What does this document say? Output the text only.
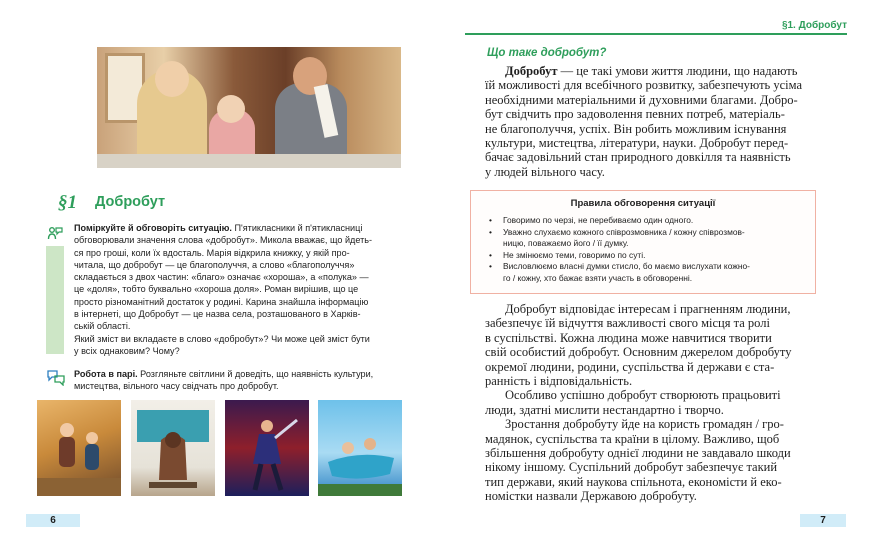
§1 Добробут

Поміркуйте й обговоріть ситуацію. П'ятикласники й п'ятикласниці

обговорювали значення слова «добробут». Микола вважає, що йдеть-

ся про гроші, коли їх вдосталь. Марія відкрила книжку, у якій про-

читала, що добробут — це благополуччя, а слово «благополуччя»

складається з двох частин: «благо» означає «хороша», а «полука» —

це «доля», тобто буквально «хороша доля». Роман вирішив, що це

просто різноманітний достаток у родині. Карина знайшла інформацію

в інтернеті, що Добробут — це назва села, розташованого в Харків-

ській області.

Який зміст ви вкладаєте в слово «добробут»? Чи може цей зміст бути

у всіх однаковим? Чому?

Робота в парі. Розгляньте світлини й доведіть, що наявність культури,
мистецтва, вільного часу свідчать про добробут.
6
§1. Добробут
Що таке добробут?

Добробут — це такі умови життя людини, що надають

їй можливості для всебічного розвитку, забезпечують усіма
необхідними матеріальними й духовними благами. Добро-
бут свідчить про задоволення певних потреб, матеріаль-
не благополуччя, успіх. Він робить можливим існування
культури, мистецтва, літератури, науки. Добробут перед-
бачає задовільний стан природного довкілля та наявність
у людей вільного часу.
Правила обговорення ситуації
• Говоримо по черзі, не перебиваємо один одного.
• Уважно слухаємо кожного співрозмовника / кожну співрозмов-
ницю, поважаємо його / її думку.
• Не змінюємо теми, говоримо по суті.
• Висловлюємо власні думки стисло, бо маємо вислухати кожно-
го / кожну, хто бажає взяти участь в обговоренні.

Добробут відповідає інтересам і прагненням людини,

забезпечує їй відчуття важливості свого місця та ролі
в суспільстві. Кожна людина може навчитися творити
свій особистий добробут. Основним джерелом добробуту
окремої людини, родини, суспільства й держави є ста-
ранність і відповідальність.

Особливо успішно добробут створюють працьовиті

люди, здатні мислити нестандартно і творчо.

Зростання добробуту йде на користь громадян / гро-

мадянок, суспільства та країни в цілому. Важливо, щоб
збільшення добробуту однієї людини не завдавало шкоди
нікому іншому. Суспільний добробут забезпечує такий
тип держави, який наукова спільнота, економісти й еко-
номістки назвали Державою добробуту.
7
